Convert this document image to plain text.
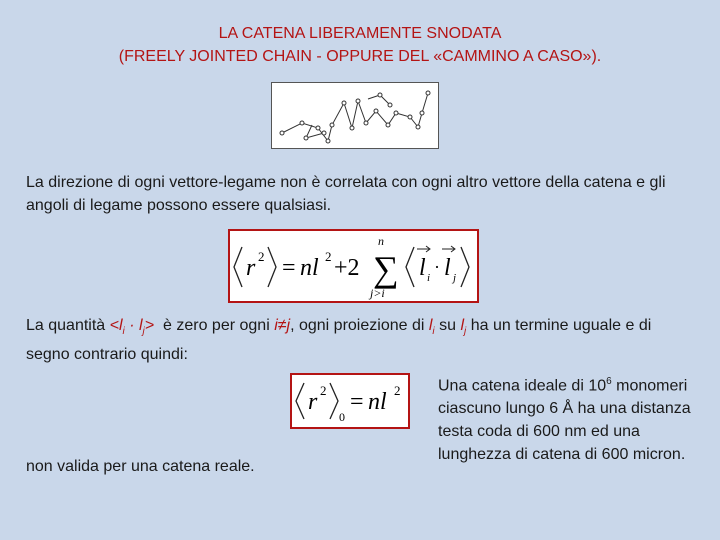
LA CATENA LIBERAMENTE SNODATA
(FREELY JOINTED CHAIN - OPPURE DEL «CAMMINO A CASO»).
La direzione di ogni vettore-legame non è correlata con ogni altro vettore della catena e gli angoli di legame possono essere qualsiasi.
r 2 = nl 2 +2 ∑
n
j>i
l i
· l j
La quantità $<l_i \cdot l_j>$  è zero per ogni i≠j, ogni proiezione di $l_i$ su $l_j$ ha un termine uguale e di segno contrario quindi:
r 2
0
= nl 2
non valida per una catena reale.
Una catena ideale di $10^6$ monomeri ciascuno lungo 6 Å ha una distanza testa coda di 600 nm ed una lunghezza di catena di 600 micron.
